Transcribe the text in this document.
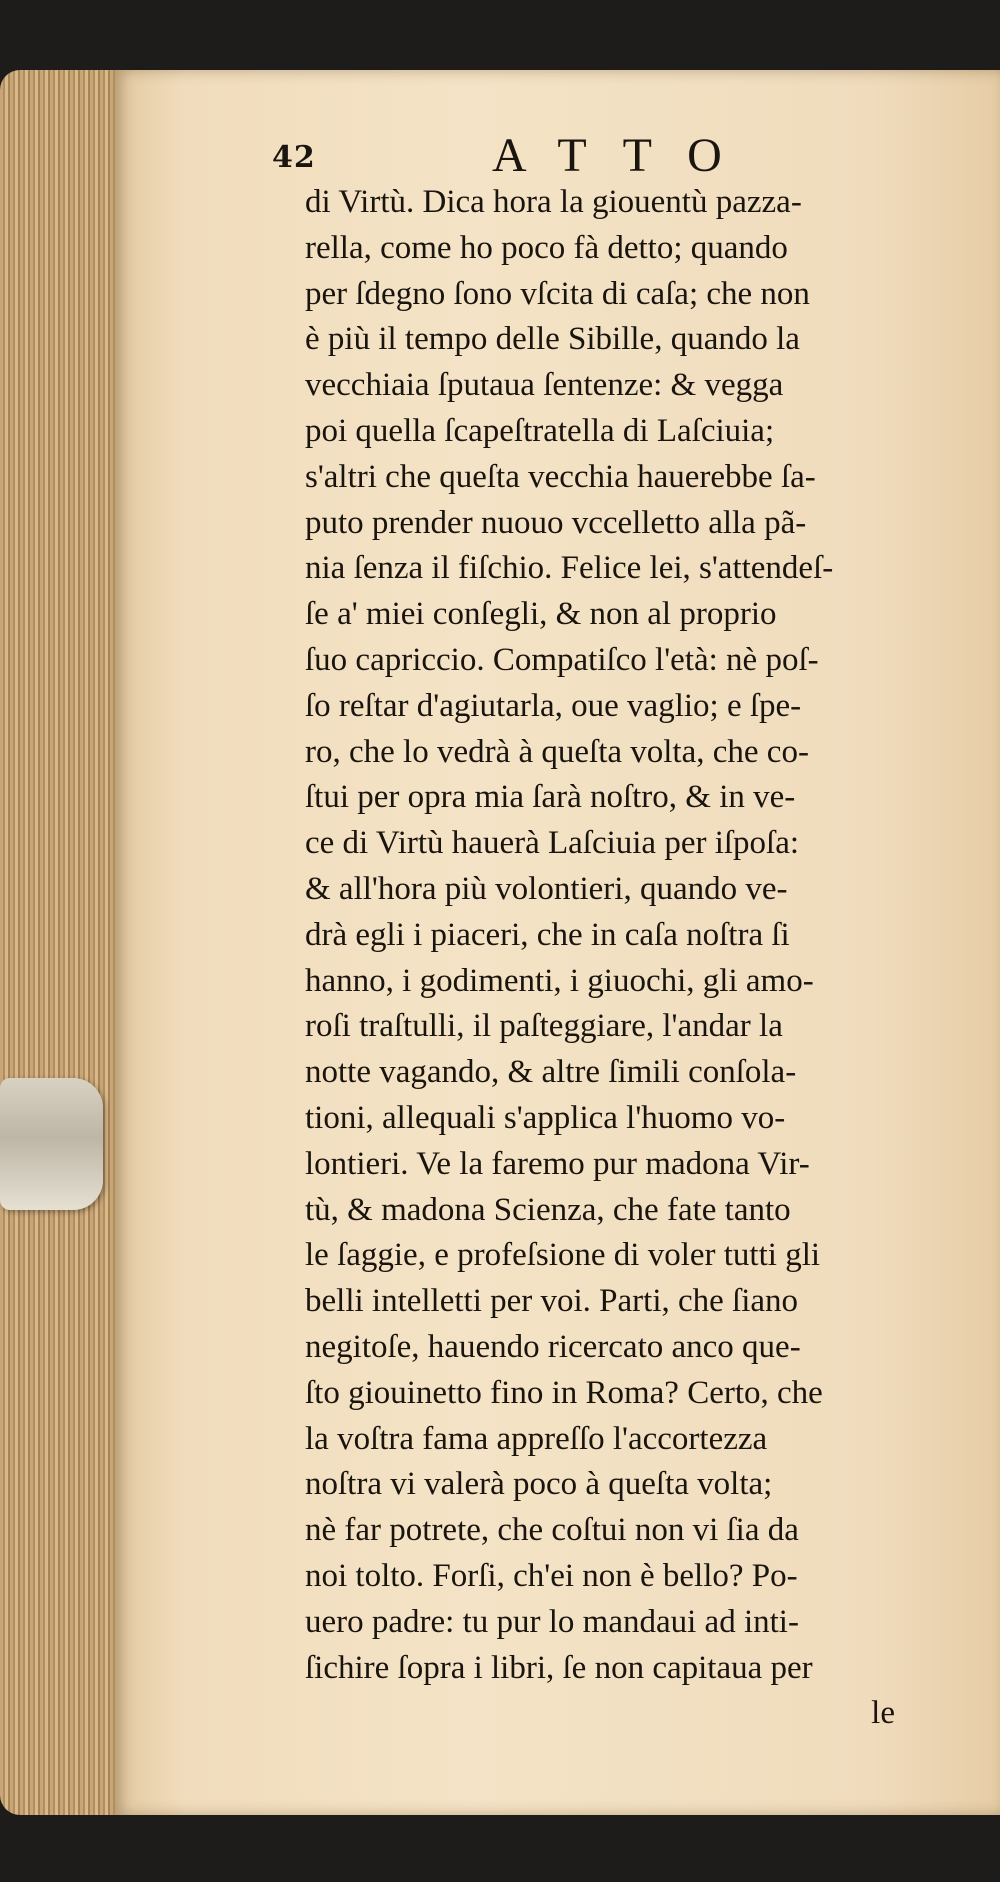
42	ATTO
di Virtù. Dica hora la giouentù pazza-
rella, come ho poco fà detto; quando
per ſdegno ſono vſcita di caſa; che non
è più il tempo delle Sibille, quando la
vecchiaia ſputaua ſentenze: & vegga
poi quella ſcapeſtratella di Laſciuia;
s'altri che queſta vecchia hauerebbe ſa-
puto prender nuouo vccelletto alla pã-
nia ſenza il fiſchio. Felice lei, s'attendeſ-
ſe a' miei conſegli, & non al proprio
ſuo capriccio. Compatiſco l'età: nè poſ-
ſo reſtar d'agiutarla, oue vaglio; e ſpe-
ro, che lo vedrà à queſta volta, che co-
ſtui per opra mia ſarà noſtro, & in ve-
ce di Virtù hauerà Laſciuia per iſpoſa:
& all'hora più volontieri, quando ve-
drà egli i piaceri, che in caſa noſtra ſi
hanno, i godimenti, i giuochi, gli amo-
roſi traſtulli, il paſteggiare, l'andar la
notte vagando, & altre ſimili conſola-
tioni, allequali s'applica l'huomo vo-
lontieri. Ve la faremo pur madona Vir-
tù, & madona Scienza, che fate tanto
le ſaggie, e profeſsione di voler tutti gli
belli intelletti per voi. Parti, che ſiano
negitoſe, hauendo ricercato anco que-
ſto giouinetto fino in Roma? Certo, che
la voſtra fama appreſſo l'accortezza
noſtra vi valerà poco à queſta volta;
nè far potrete, che coſtui non vi ſia da
noi tolto. Forſi, ch'ei non è bello? Po-
uero padre: tu pur lo mandaui ad inti-
ſichire ſopra i libri, ſe non capitaua per
le
